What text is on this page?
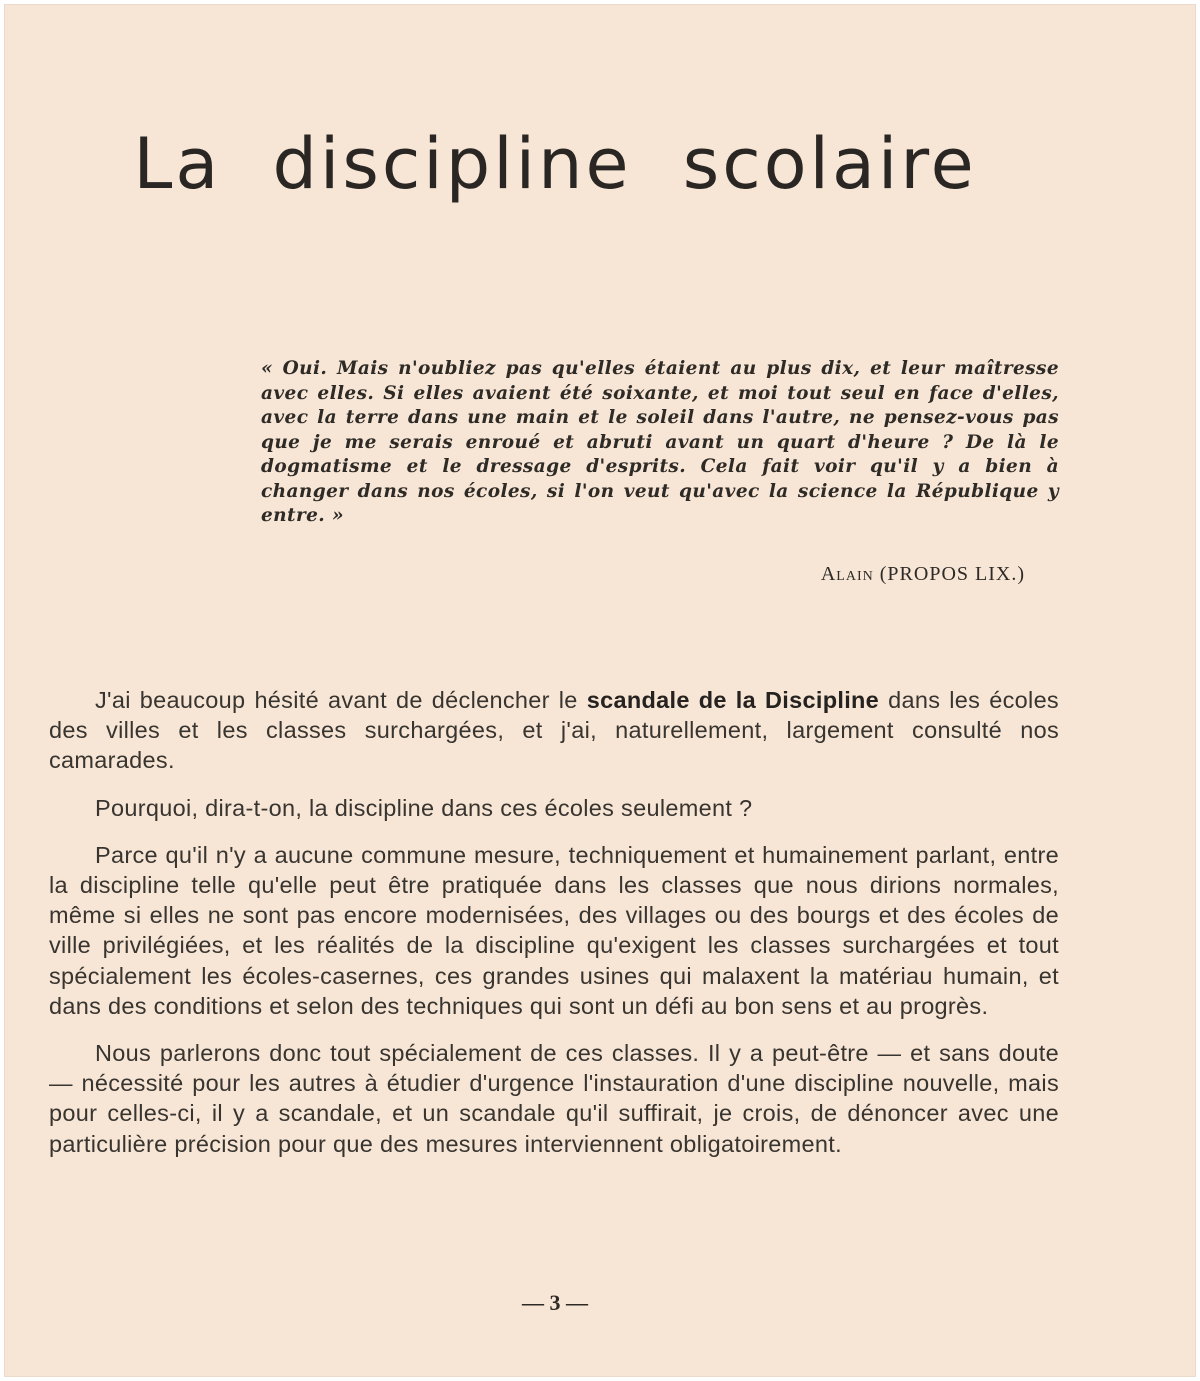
La discipline scolaire

« Oui. Mais n'oubliez pas qu'elles étaient au plus dix, et leur maîtresse avec elles. Si elles avaient été soixante, et moi tout seul en face d'elles, avec la terre dans une main et le soleil dans l'autre, ne pensez-vous pas que je me serais enroué et abruti avant un quart d'heure ? De là le dogmatisme et le dressage d'esprits. Cela fait voir qu'il y a bien à changer dans nos écoles, si l'on veut qu'avec la science la République y entre. »

Alain (PROPOS LIX.)

J'ai beaucoup hésité avant de déclencher le scandale de la Discipline dans les écoles des villes et les classes surchargées, et j'ai, naturellement, largement consulté nos camarades.

Pourquoi, dira-t-on, la discipline dans ces écoles seulement ?

Parce qu'il n'y a aucune commune mesure, techniquement et humainement parlant, entre la discipline telle qu'elle peut être pratiquée dans les classes que nous dirions normales, même si elles ne sont pas encore modernisées, des villages ou des bourgs et des écoles de ville privilégiées, et les réalités de la discipline qu'exigent les classes surchargées et tout spécialement les écoles-casernes, ces grandes usines qui malaxent la matériau humain, et dans des conditions et selon des techniques qui sont un défi au bon sens et au progrès.

Nous parlerons donc tout spécialement de ces classes. Il y a peut-être — et sans doute — nécessité pour les autres à étudier d'urgence l'instauration d'une discipline nouvelle, mais pour celles-ci, il y a scandale, et un scandale qu'il suffirait, je crois, de dénoncer avec une particulière précision pour que des mesures interviennent obligatoirement.

— 3 —
